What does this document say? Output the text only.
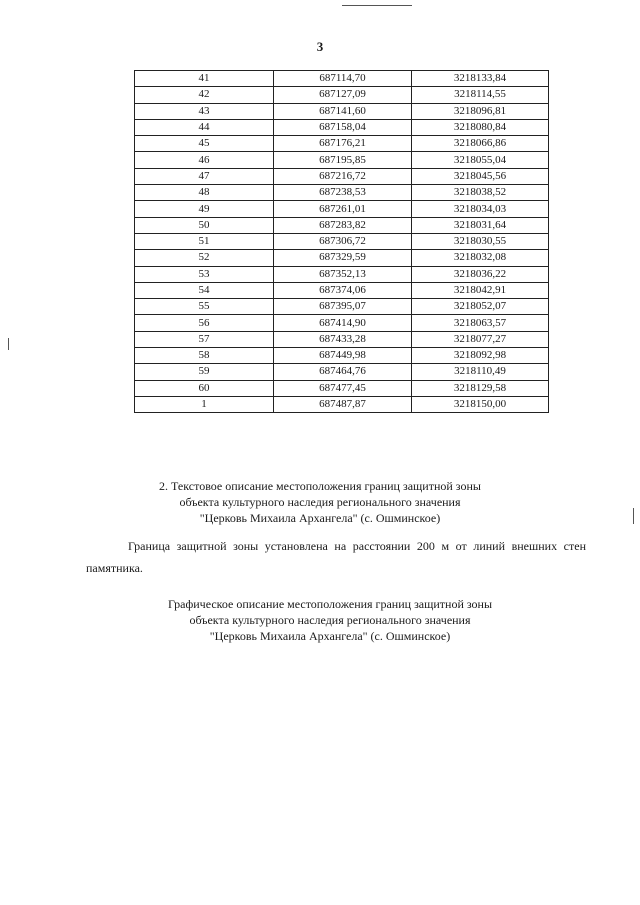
3
41	687114,70	3218133,84
42	687127,09	3218114,55
43	687141,60	3218096,81
44	687158,04	3218080,84
45	687176,21	3218066,86
46	687195,85	3218055,04
47	687216,72	3218045,56
48	687238,53	3218038,52
49	687261,01	3218034,03
50	687283,82	3218031,64
51	687306,72	3218030,55
52	687329,59	3218032,08
53	687352,13	3218036,22
54	687374,06	3218042,91
55	687395,07	3218052,07
56	687414,90	3218063,57
57	687433,28	3218077,27
58	687449,98	3218092,98
59	687464,76	3218110,49
60	687477,45	3218129,58
1	687487,87	3218150,00
2. Текстовое описание местоположения границ защитной зоны
объекта культурного наследия регионального значения
"Церковь Михаила Архангела" (с. Ошминское)
Граница защитной зоны установлена на расстоянии 200 м от линий внешних стен
памятника.
Графическое описание местоположения границ защитной зоны
объекта культурного наследия регионального значения
"Церковь Михаила Архангела" (с. Ошминское)
